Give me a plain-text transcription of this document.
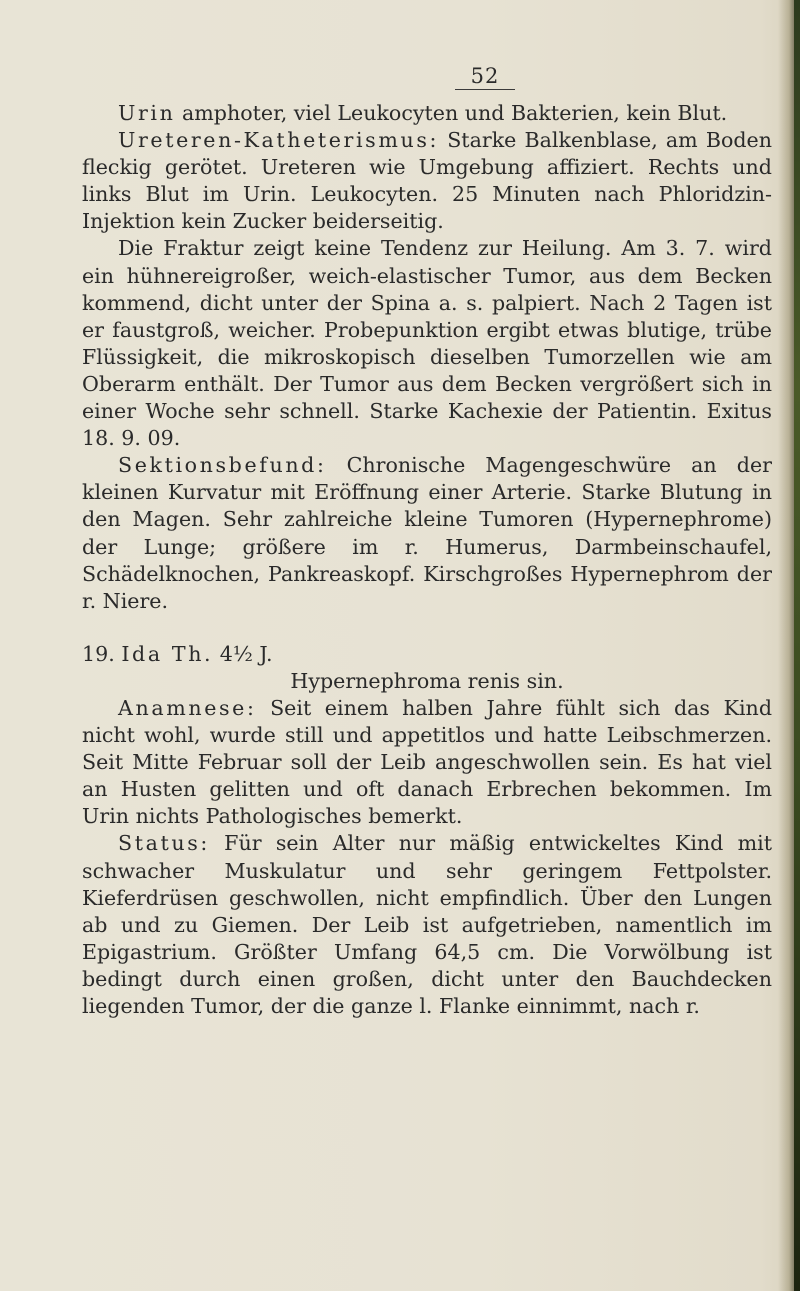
52

Urin amphoter, viel Leukocyten und Bakterien, kein Blut.

Ureteren-Katheterismus: Starke Balkenblase, am Boden fleckig gerötet. Ureteren wie Umgebung affiziert. Rechts und links Blut im Urin. Leukocyten. 25 Minuten nach Phloridzin-Injektion kein Zucker beiderseitig.

Die Fraktur zeigt keine Tendenz zur Heilung. Am 3. 7. wird ein hühnereigroßer, weich-elastischer Tumor, aus dem Becken kommend, dicht unter der Spina a. s. palpiert. Nach 2 Tagen ist er faustgroß, weicher. Probepunktion ergibt etwas blutige, trübe Flüssigkeit, die mikroskopisch dieselben Tumorzellen wie am Oberarm enthält. Der Tumor aus dem Becken vergrößert sich in einer Woche sehr schnell. Starke Kachexie der Patientin. Exitus 18. 9. 09.

Sektionsbefund: Chronische Magengeschwüre an der kleinen Kurvatur mit Eröffnung einer Arterie. Starke Blutung in den Magen. Sehr zahlreiche kleine Tumoren (Hypernephrome) der Lunge; größere im r. Humerus, Darmbeinschaufel, Schädelknochen, Pankreaskopf. Kirschgroßes Hypernephrom der r. Niere.

19. Ida Th. 4½ J.

Hypernephroma renis sin.

Anamnese: Seit einem halben Jahre fühlt sich das Kind nicht wohl, wurde still und appetitlos und hatte Leibschmerzen. Seit Mitte Februar soll der Leib angeschwollen sein. Es hat viel an Husten gelitten und oft danach Erbrechen bekommen. Im Urin nichts Pathologisches bemerkt.

Status: Für sein Alter nur mäßig entwickeltes Kind mit schwacher Muskulatur und sehr geringem Fettpolster. Kieferdrüsen geschwollen, nicht empfindlich. Über den Lungen ab und zu Giemen. Der Leib ist aufgetrieben, namentlich im Epigastrium. Größter Umfang 64,5 cm. Die Vorwölbung ist bedingt durch einen großen, dicht unter den Bauchdecken liegenden Tumor, der die ganze l. Flanke einnimmt, nach r.
